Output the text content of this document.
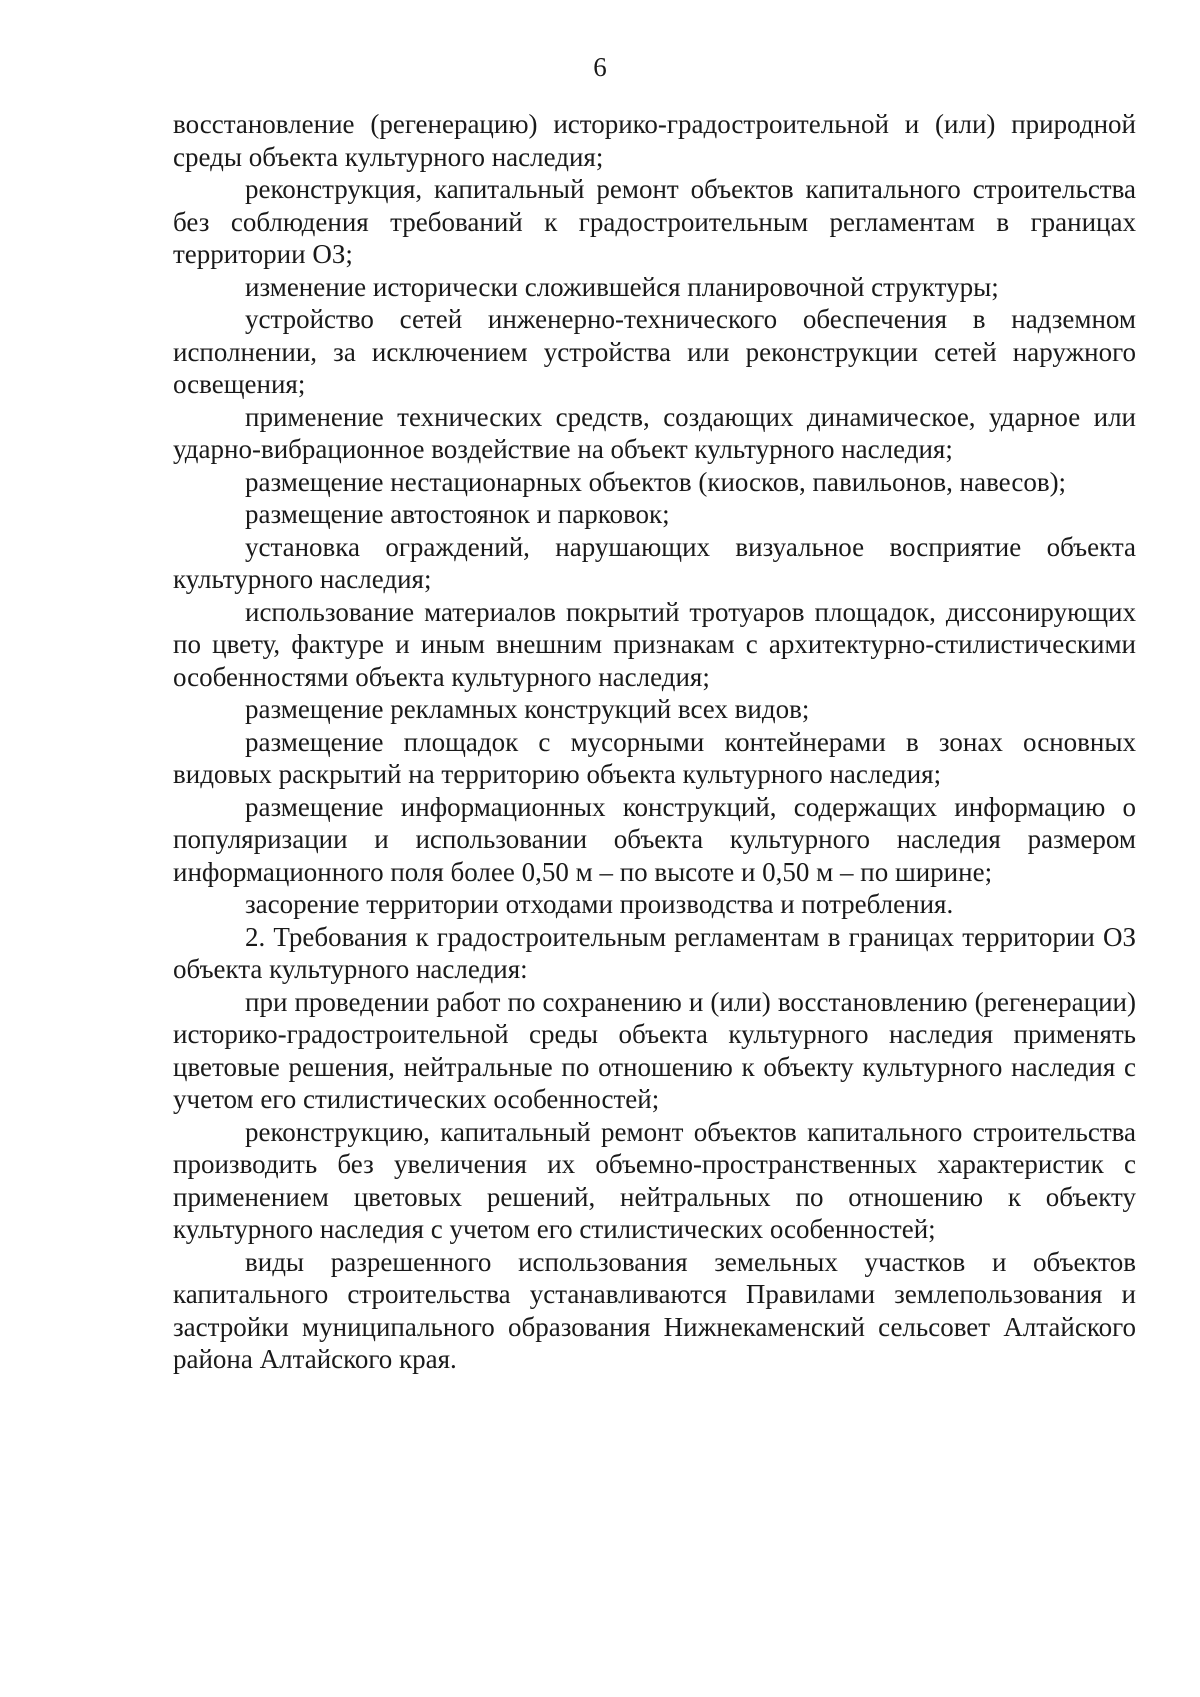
6

восстановление (регенерацию) историко-градостроительной и (или) природной среды объекта культурного наследия;

реконструкция, капитальный ремонт объектов капитального строительства без соблюдения требований к градостроительным регламентам в границах территории ОЗ;

изменение исторически сложившейся планировочной структуры;

устройство сетей инженерно-технического обеспечения в надземном исполнении, за исключением устройства или реконструкции сетей наружного освещения;

применение технических средств, создающих динамическое, ударное или ударно-вибрационное воздействие на объект культурного наследия;

размещение нестационарных объектов (киосков, павильонов, навесов);

размещение автостоянок и парковок;

установка ограждений, нарушающих визуальное восприятие объекта культурного наследия;

использование материалов покрытий тротуаров площадок, диссонирующих по цвету, фактуре и иным внешним признакам с архитектурно-стилистическими особенностями объекта культурного наследия;

размещение рекламных конструкций всех видов;

размещение площадок с мусорными контейнерами в зонах основных видовых раскрытий на территорию объекта культурного наследия;

размещение информационных конструкций, содержащих информацию о популяризации и использовании объекта культурного наследия размером информационного поля более 0,50 м – по высоте и 0,50 м – по ширине;

засорение территории отходами производства и потребления.

2. Требования к градостроительным регламентам в границах территории ОЗ объекта культурного наследия:

при проведении работ по сохранению и (или) восстановлению (регенерации) историко-градостроительной среды объекта культурного наследия применять цветовые решения, нейтральные по отношению к объекту культурного наследия с учетом его стилистических особенностей;

реконструкцию, капитальный ремонт объектов капитального строительства производить без увеличения их объемно-пространственных характеристик с применением цветовых решений, нейтральных по отношению к объекту культурного наследия с учетом его стилистических особенностей;

виды разрешенного использования земельных участков и объектов капитального строительства устанавливаются Правилами землепользования и застройки муниципального образования Нижнекаменский сельсовет Алтайского района Алтайского края.
